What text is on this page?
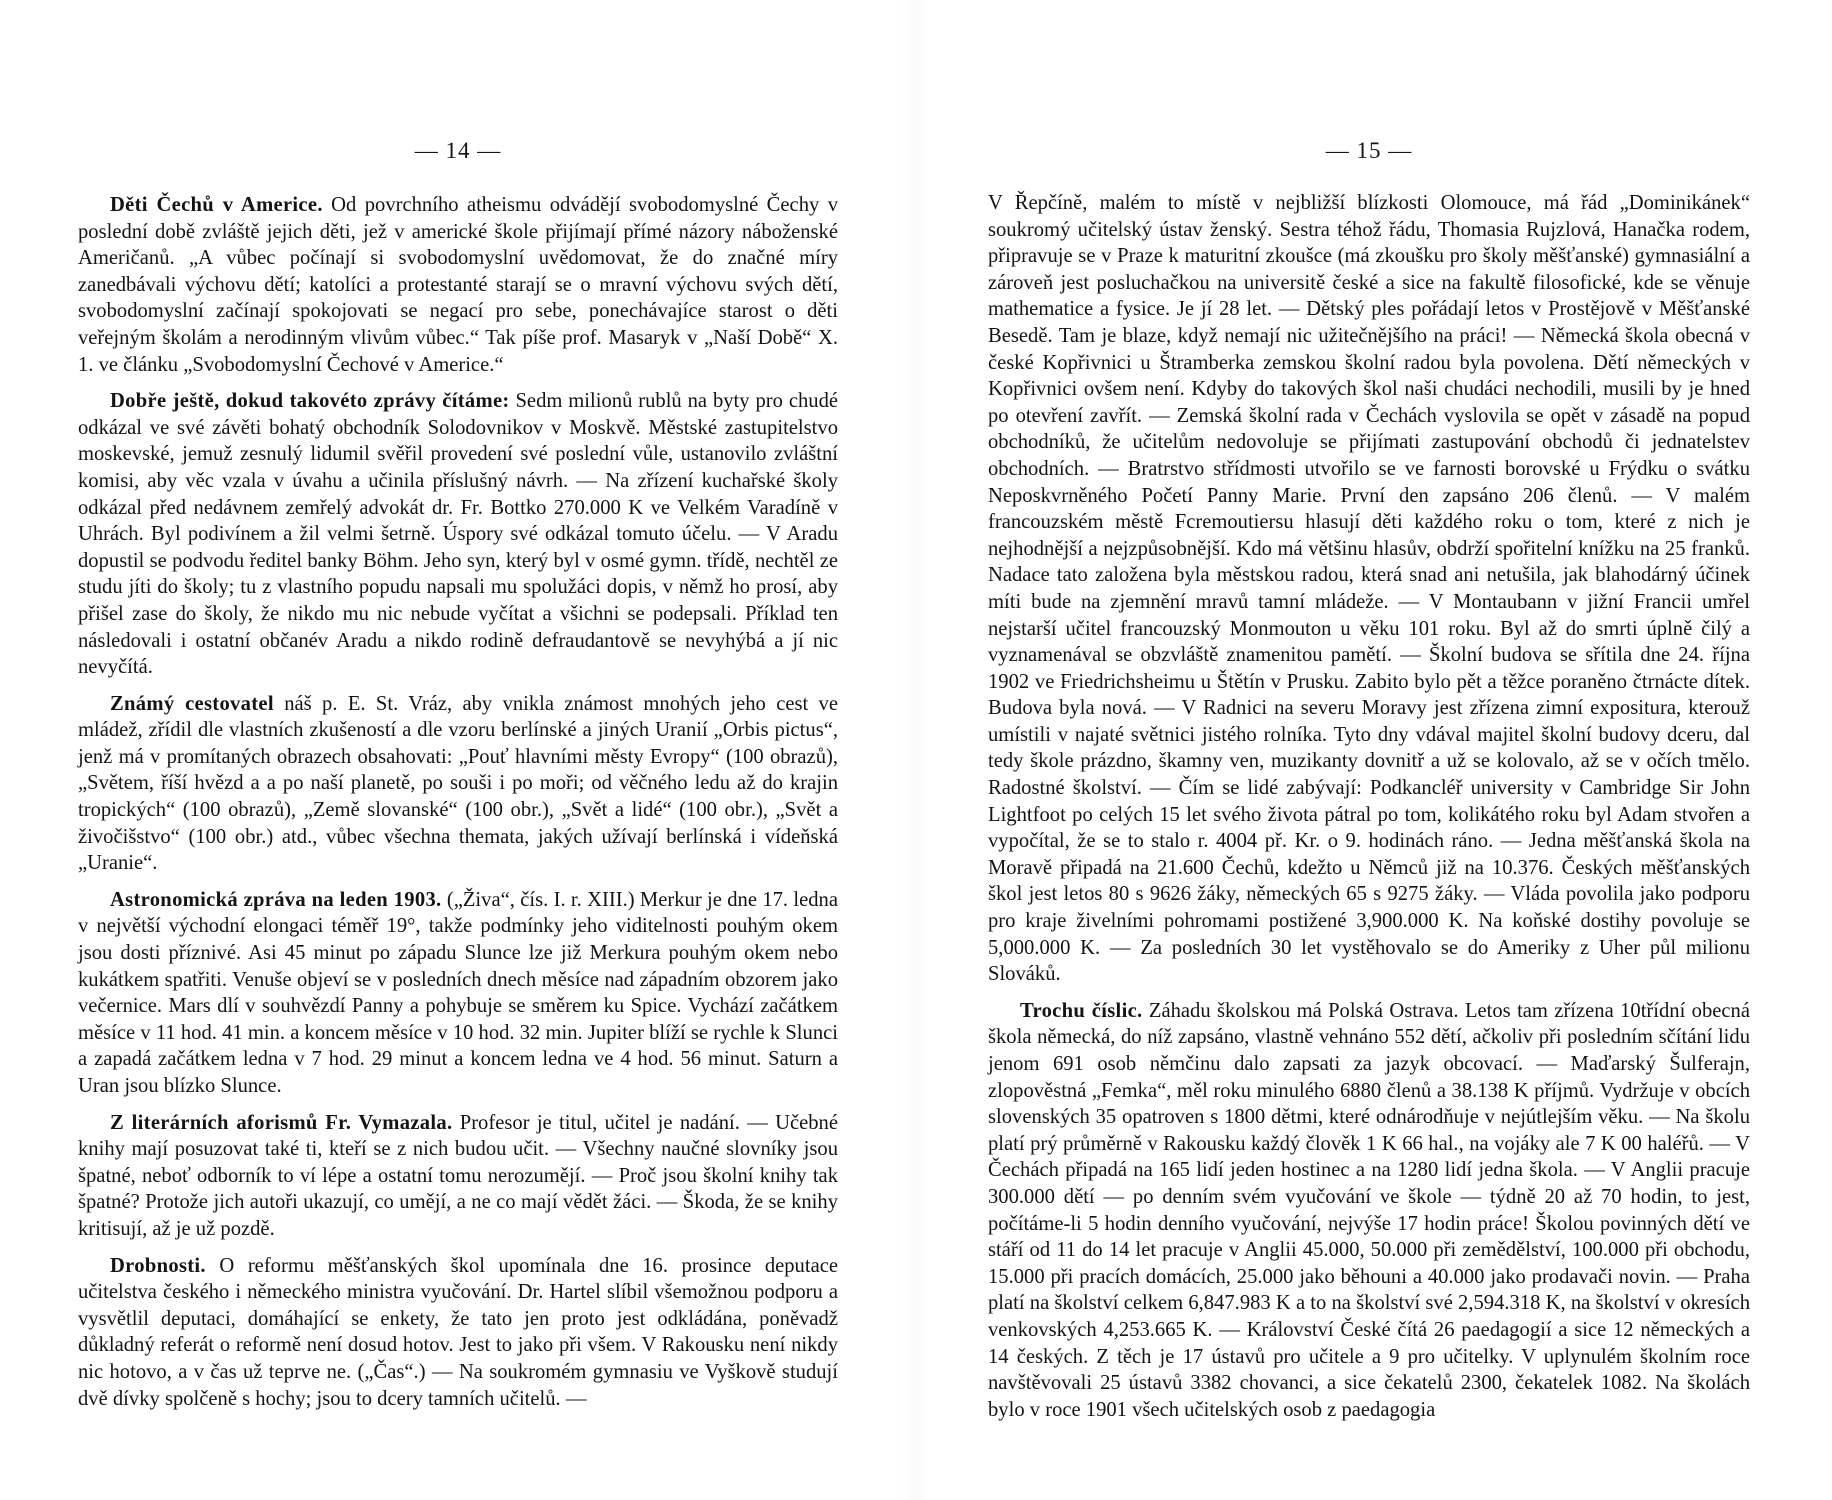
— 14 —

Děti Čechů v Americe. Od povrchního atheismu odvádějí svobodomyslné Čechy v poslední době zvláště jejich děti, jež v americké škole přijímají přímé názory náboženské Američanů. „A vůbec počínají si svobodomyslní uvědomovat, že do značné míry zanedbávali výchovu dětí; katolíci a protestanté starají se o mravní výchovu svých dětí, svobodomyslní začínají spokojovati se negací pro sebe, ponechávajíce starost o děti veřejným školám a nerodinným vlivům vůbec.“ Tak píše prof. Masaryk v „Naší Době“ X. 1. ve článku „Svobodomyslní Čechové v Americe.“

Dobře ještě, dokud takovéto zprávy čítáme: Sedm milionů rublů na byty pro chudé odkázal ve své závěti bohatý obchodník Solodovnikov v Moskvě. Městské zastupitelstvo moskevské, jemuž zesnulý lidumil svěřil provedení své poslední vůle, ustanovilo zvláštní komisi, aby věc vzala v úvahu a učinila příslušný návrh. — Na zřízení kuchařské školy odkázal před nedávnem zemřelý advokát dr. Fr. Bottko 270.000 K ve Velkém Varadíně v Uhrách. Byl podivínem a žil velmi šetrně. Úspory své odkázal tomuto účelu. — V Aradu dopustil se podvodu ředitel banky Böhm. Jeho syn, který byl v osmé gymn. třídě, nechtěl ze studu jíti do školy; tu z vlastního popudu napsali mu spolužáci dopis, v němž ho prosí, aby přišel zase do školy, že nikdo mu nic nebude vyčítat a všichni se podepsali. Příklad ten následovali i ostatní občanév Aradu a nikdo rodině defraudantově se nevyhýbá a jí nic nevyčítá.

Známý cestovatel náš p. E. St. Vráz, aby vnikla známost mnohých jeho cest ve mládež, zřídil dle vlastních zkušeností a dle vzoru berlínské a jiných Uranií „Orbis pictus“, jenž má v promítaných obrazech obsahovati: „Pouť hlavními městy Evropy“ (100 obrazů), „Světem, říší hvězd a a po naší planetě, po souši i po moři; od věčného ledu až do krajin tropických“ (100 obrazů), „Země slovanské“ (100 obr.), „Svět a lidé“ (100 obr.), „Svět a živočišstvo“ (100 obr.) atd., vůbec všechna themata, jakých užívají berlínská i vídeňská „Uranie“.

Astronomická zpráva na leden 1903. („Živa“, čís. I. r. XIII.) Merkur je dne 17. ledna v největší východní elongaci téměř 19°, takže podmínky jeho viditelnosti pouhým okem jsou dosti příznivé. Asi 45 minut po západu Slunce lze již Merkura pouhým okem nebo kukátkem spatřiti. Venuše objeví se v posledních dnech měsíce nad západním obzorem jako večernice. Mars dlí v souhvězdí Panny a pohybuje se směrem ku Spice. Vychází začátkem měsíce v 11 hod. 41 min. a koncem měsíce v 10 hod. 32 min. Jupiter blíží se rychle k Slunci a zapadá začátkem ledna v 7 hod. 29 minut a koncem ledna ve 4 hod. 56 minut. Saturn a Uran jsou blízko Slunce.

Z literárních aforismů Fr. Vymazala. Profesor je titul, učitel je nadání. — Učebné knihy mají posuzovat také ti, kteří se z nich budou učit. — Všechny naučné slovníky jsou špatné, neboť odborník to ví lépe a ostatní tomu nerozumějí. — Proč jsou školní knihy tak špatné? Protože jich autoři ukazují, co umějí, a ne co mají vědět žáci. — Škoda, že se knihy kritisují, až je už pozdě.

Drobnosti. O reformu měšťanských škol upomínala dne 16. prosince deputace učitelstva českého i německého ministra vyučování. Dr. Hartel slíbil všemožnou podporu a vysvětlil deputaci, domáhající se enkety, že tato jen proto jest odkládána, poněvadž důkladný referát o reformě není dosud hotov. Jest to jako při všem. V Rakousku není nikdy nic hotovo, a v čas už teprve ne. („Čas“.) — Na soukromém gymnasiu ve Vyškově studují dvě dívky spolčeně s hochy; jsou to dcery tamních učitelů. —

— 15 —

V Řepčíně, malém to místě v nejbližší blízkosti Olomouce, má řád „Dominikánek“ soukromý učitelský ústav ženský. Sestra téhož řádu, Thomasia Rujzlová, Hanačka rodem, připravuje se v Praze k maturitní zkoušce (má zkoušku pro školy měšťanské) gymnasiální a zároveň jest posluchačkou na universitě české a sice na fakultě filosofické, kde se věnuje mathematice a fysice. Je jí 28 let. — Dětský ples pořádají letos v Prostějově v Měšťanské Besedě. Tam je blaze, když nemají nic užitečnějšího na práci! — Německá škola obecná v české Kopřivnici u Štramberka zemskou školní radou byla povolena. Dětí německých v Kopřivnici ovšem není. Kdyby do takových škol naši chudáci nechodili, musili by je hned po otevření zavřít. — Zemská školní rada v Čechách vyslovila se opět v zásadě na popud obchodníků, že učitelům nedovoluje se přijímati zastupování obchodů či jednatelstev obchodních. — Bratrstvo střídmosti utvořilo se ve farnosti borovské u Frýdku o svátku Neposkvrněného Početí Panny Marie. První den zapsáno 206 členů. — V malém francouzském městě Fcremoutiersu hlasují děti každého roku o tom, které z nich je nejhodnější a nejzpůsobnější. Kdo má většinu hlasův, obdrží spořitelní knížku na 25 franků. Nadace tato založena byla městskou radou, která snad ani netušila, jak blahodárný účinek míti bude na zjemnění mravů tamní mládeže. — V Montaubann v jižní Francii umřel nejstarší učitel francouzský Monmouton u věku 101 roku. Byl až do smrti úplně čilý a vyznamenával se obzvláště znamenitou pamětí. — Školní budova se sřítila dne 24. října 1902 ve Friedrichsheimu u Štětín v Prusku. Zabito bylo pět a těžce poraněno čtrnácte dítek. Budova byla nová. — V Radnici na severu Moravy jest zřízena zimní expositura, kterouž umístili v najaté světnici jistého rolníka. Tyto dny vdával majitel školní budovy dceru, dal tedy škole prázdno, škamny ven, muzikanty dovnitř a už se kolovalo, až se v očích tmělo. Radostné školství. — Čím se lidé zabývají: Podkancléř university v Cambridge Sir John Lightfoot po celých 15 let svého života pátral po tom, kolikátého roku byl Adam stvořen a vypočítal, že se to stalo r. 4004 př. Kr. o 9. hodinách ráno. — Jedna měšťanská škola na Moravě připadá na 21.600 Čechů, kdežto u Němců již na 10.376. Českých měšťanských škol jest letos 80 s 9626 žáky, německých 65 s 9275 žáky. — Vláda povolila jako podporu pro kraje živelními pohromami postižené 3,900.000 K. Na koňské dostihy povoluje se 5,000.000 K. — Za posledních 30 let vystěhovalo se do Ameriky z Uher půl milionu Slováků.

Trochu číslic. Záhadu školskou má Polská Ostrava. Letos tam zřízena 10třídní obecná škola německá, do níž zapsáno, vlastně vehnáno 552 dětí, ačkoliv při posledním sčítání lidu jenom 691 osob němčinu dalo zapsati za jazyk obcovací. — Maďarský Šulferajn, zlopověstná „Femka“, měl roku minulého 6880 členů a 38.138 K příjmů. Vydržuje v obcích slovenských 35 opatroven s 1800 dětmi, které odnárodňuje v nejútlejším věku. — Na školu platí prý průměrně v Rakousku každý člověk 1 K 66 hal., na vojáky ale 7 K 00 haléřů. — V Čechách připadá na 165 lidí jeden hostinec a na 1280 lidí jedna škola. — V Anglii pracuje 300.000 dětí — po denním svém vyučování ve škole — týdně 20 až 70 hodin, to jest, počítáme-li 5 hodin denního vyučování, nejvýše 17 hodin práce! Školou povinných dětí ve stáří od 11 do 14 let pracuje v Anglii 45.000, 50.000 při zemědělství, 100.000 při obchodu, 15.000 při pracích domácích, 25.000 jako běhouni a 40.000 jako prodavači novin. — Praha platí na školství celkem 6,847.983 K a to na školství své 2,594.318 K, na školství v okresích venkovských 4,253.665 K. — Království České čítá 26 paedagogií a sice 12 německých a 14 českých. Z těch je 17 ústavů pro učitele a 9 pro učitelky. V uplynulém školním roce navštěvovali 25 ústavů 3382 chovanci, a sice čekatelů 2300, čekatelek 1082. Na školách bylo v roce 1901 všech učitelských osob z paedagogia
